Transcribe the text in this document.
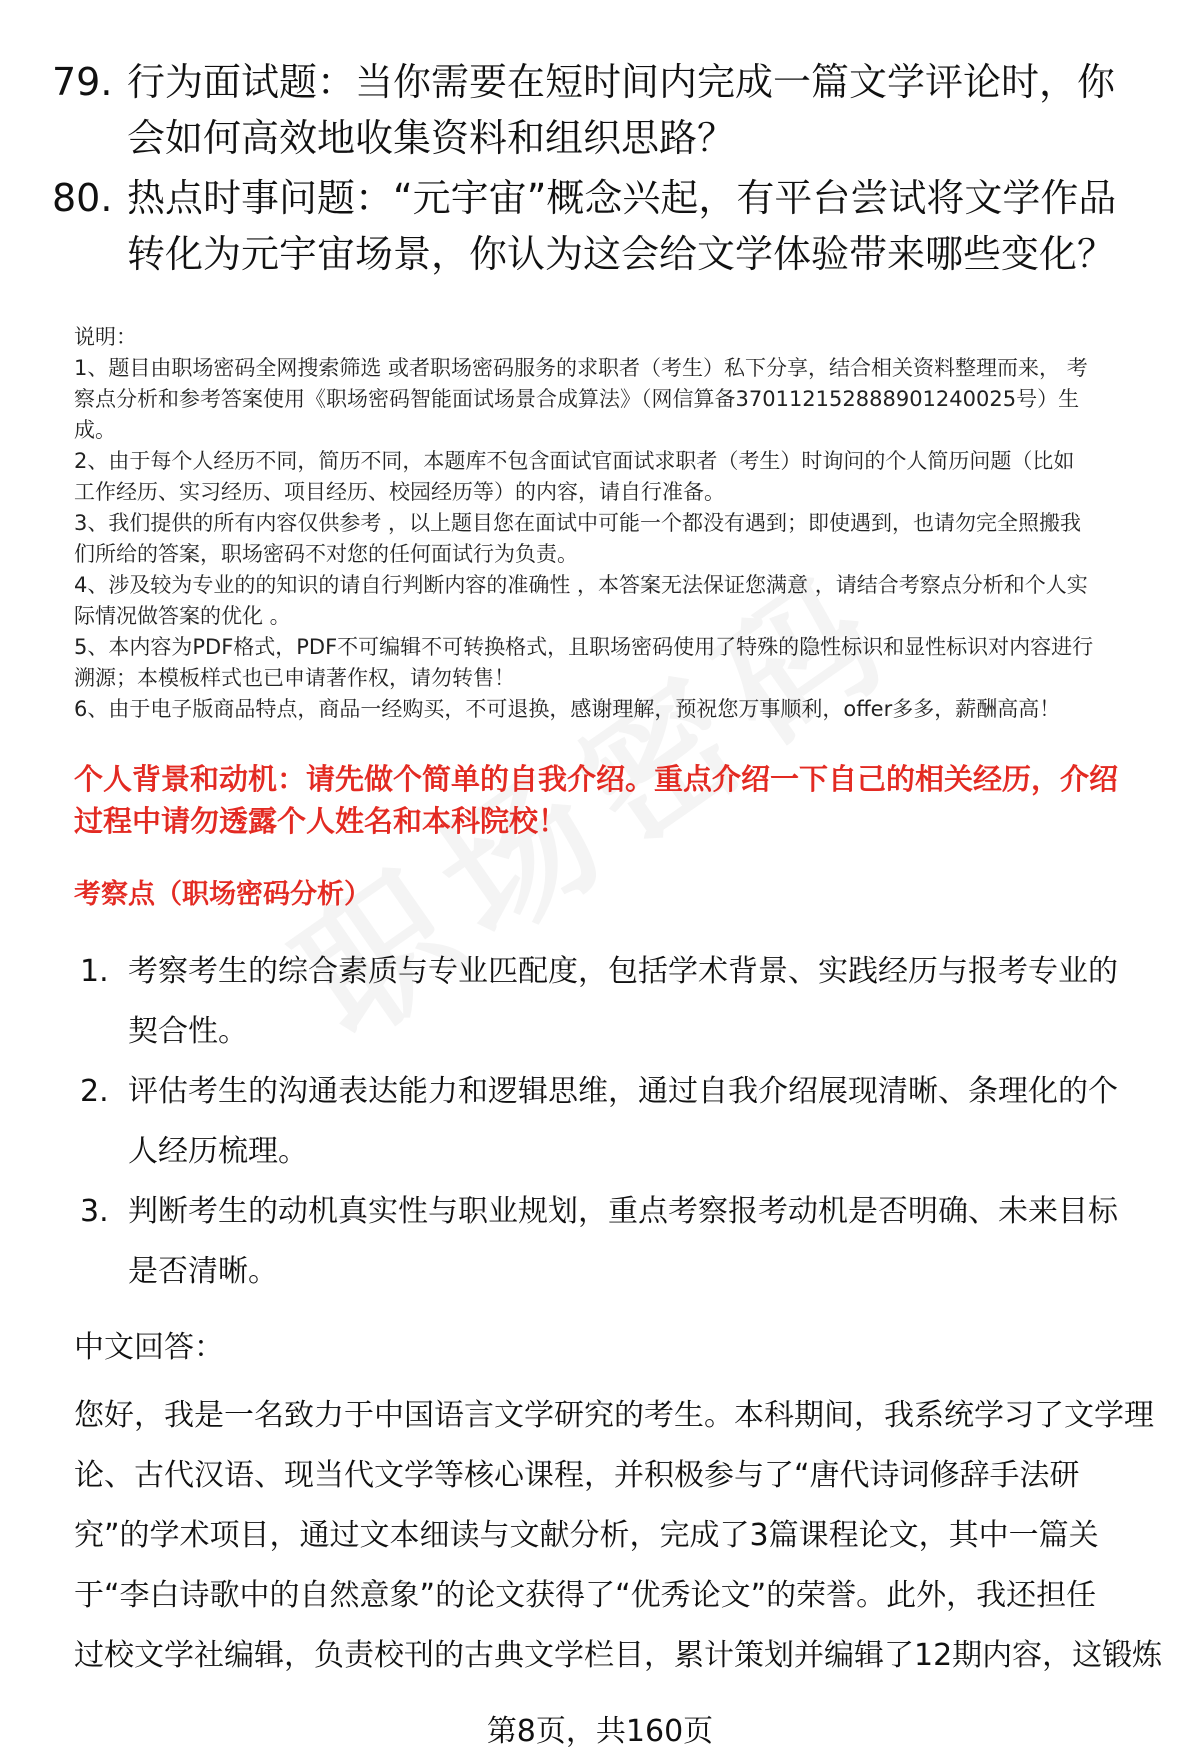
79. 行为面试题：当你需要在短时间内完成一篇文学评论时，你会如何高效地收集资料和组织思路？
80. 热点时事问题：“元宇宙”概念兴起，有平台尝试将文学作品转化为元宇宙场景，你认为这会给文学体验带来哪些变化？
说明：
1、题目由职场密码全网搜索筛选 或者职场密码服务的求职者（考生）私下分享，结合相关资料整理而来， 考
察点分析和参考答案使用《职场密码智能面试场景合成算法》（网信算备370112152888901240025号）生
成。
2、由于每个人经历不同，简历不同，本题库不包含面试官面试求职者（考生）时询问的个人简历问题（比如
工作经历、实习经历、项目经历、校园经历等）的内容，请自行准备。
3、我们提供的所有内容仅供参考 ，以上题目您在面试中可能一个都没有遇到；即使遇到，也请勿完全照搬我
们所给的答案，职场密码不对您的任何面试行为负责。
4、涉及较为专业的的知识的请自行判断内容的准确性 ，本答案无法保证您满意 ，请结合考察点分析和个人实
际情况做答案的优化 。
5、本内容为PDF格式，PDF不可编辑不可转换格式，且职场密码使用了特殊的隐性标识和显性标识对内容进行
溯源；本模板样式也已申请著作权，请勿转售！
6、由于电子版商品特点，商品一经购买，不可退换，感谢理解，预祝您万事顺利，offer多多，薪酬高高！
个人背景和动机：请先做个简单的自我介绍。重点介绍一下自己的相关经历，介绍
过程中请勿透露个人姓名和本科院校！
考察点（职场密码分析）
1. 考察考生的综合素质与专业匹配度，包括学术背景、实践经历与报考专业的契合性。
2. 评估考生的沟通表达能力和逻辑思维，通过自我介绍展现清晰、条理化的个人经历梳理。
3. 判断考生的动机真实性与职业规划，重点考察报考动机是否明确、未来目标是否清晰。
中文回答：
您好，我是一名致力于中国语言文学研究的考生。本科期间，我系统学习了文学理
论、古代汉语、现当代文学等核心课程，并积极参与了“唐代诗词修辞手法研
究”的学术项目，通过文本细读与文献分析，完成了3篇课程论文，其中一篇关
于“李白诗歌中的自然意象”的论文获得了“优秀论文”的荣誉。此外，我还担任
过校文学社编辑，负责校刊的古典文学栏目，累计策划并编辑了12期内容，这锻炼
第8页，共160页
